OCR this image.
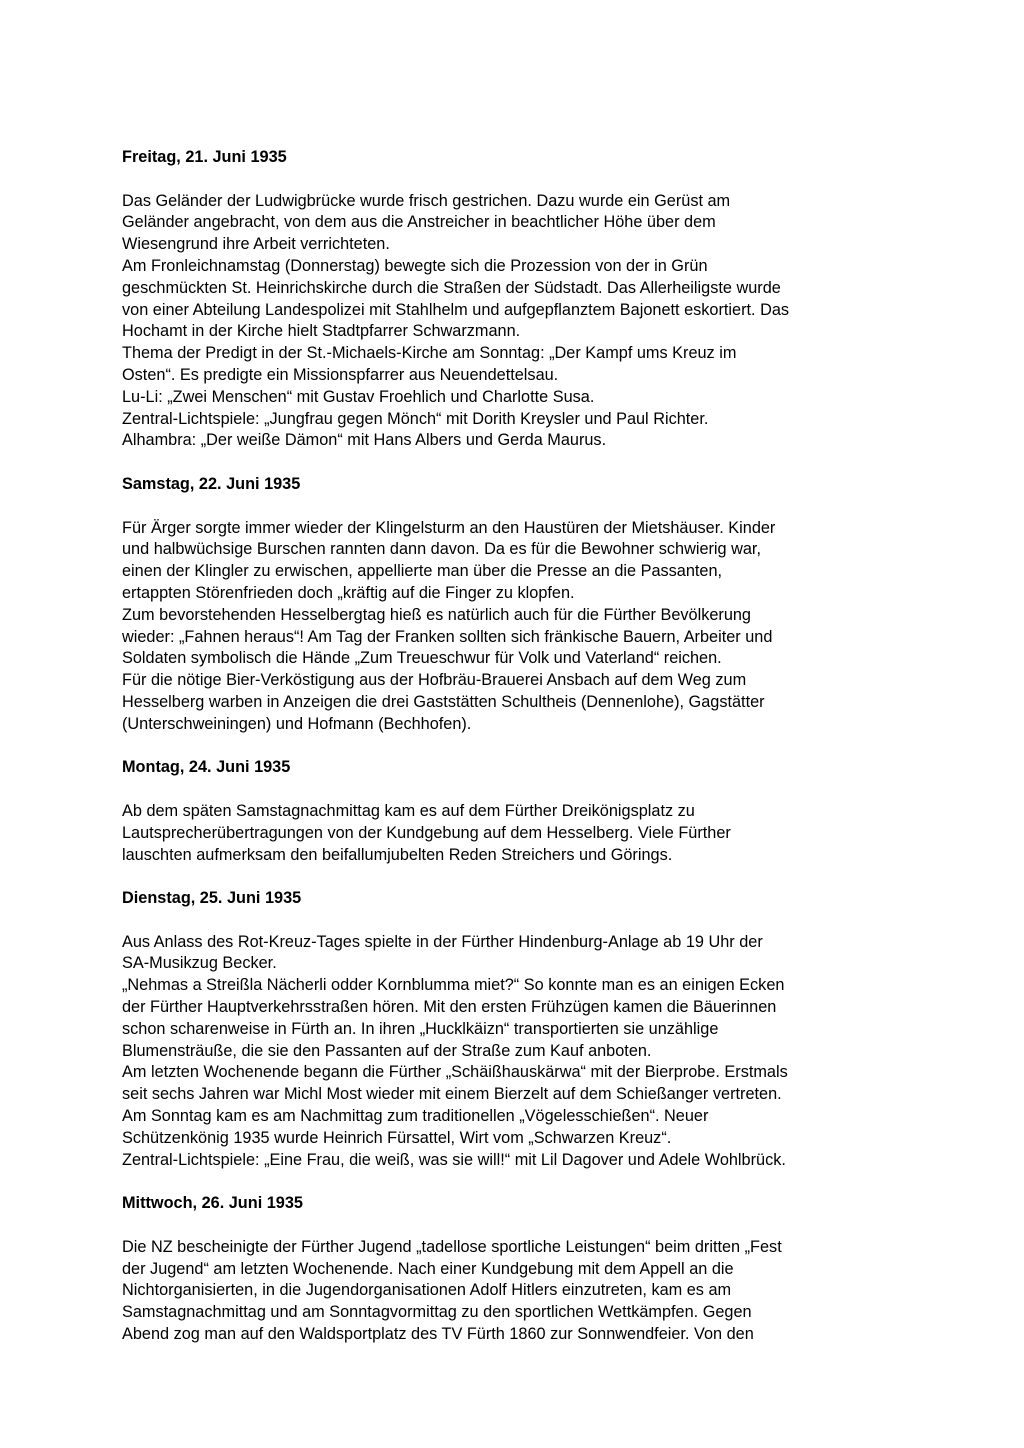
Freitag, 21. Juni 1935
Das Geländer der Ludwigbrücke wurde frisch gestrichen. Dazu wurde ein Gerüst am
Geländer angebracht, von dem aus die Anstreicher in beachtlicher Höhe über dem
Wiesengrund ihre Arbeit verrichteten.
Am Fronleichnamstag (Donnerstag) bewegte sich die Prozession von der in Grün
geschmückten St. Heinrichskirche durch die Straßen der Südstadt. Das Allerheiligste wurde
von einer Abteilung Landespolizei mit Stahlhelm und aufgepflanztem Bajonett eskortiert. Das
Hochamt in der Kirche hielt Stadtpfarrer Schwarzmann.
Thema der Predigt in der St.-Michaels-Kirche am Sonntag: „Der Kampf ums Kreuz im
Osten“. Es predigte ein Missionspfarrer aus Neuendettelsau.
Lu-Li: „Zwei Menschen“ mit Gustav Froehlich und Charlotte Susa.
Zentral-Lichtspiele: „Jungfrau gegen Mönch“ mit Dorith Kreysler und Paul Richter.
Alhambra: „Der weiße Dämon“ mit Hans Albers und Gerda Maurus.
Samstag, 22. Juni 1935
Für Ärger sorgte immer wieder der Klingelsturm an den Haustüren der Mietshäuser. Kinder
und halbwüchsige Burschen rannten dann davon. Da es für die Bewohner schwierig war,
einen der Klingler zu erwischen, appellierte man über die Presse an die Passanten,
ertappten Störenfrieden doch „kräftig auf die Finger zu klopfen.
Zum bevorstehenden Hesselbergtag hieß es natürlich auch für die Fürther Bevölkerung
wieder: „Fahnen heraus“! Am Tag der Franken sollten sich fränkische Bauern, Arbeiter und
Soldaten symbolisch die Hände „Zum Treueschwur für Volk und Vaterland“ reichen.
Für die nötige Bier-Verköstigung aus der Hofbräu-Brauerei Ansbach auf dem Weg zum
Hesselberg warben in Anzeigen die drei Gaststätten Schultheis (Dennenlohe), Gagstätter
(Unterschweiningen) und Hofmann (Bechhofen).
Montag, 24. Juni 1935
Ab dem späten Samstagnachmittag kam es auf dem Fürther Dreikönigsplatz zu
Lautsprecherübertragungen von der Kundgebung auf dem Hesselberg. Viele Fürther
lauschten aufmerksam den beifallumjubelten Reden Streichers und Görings.
Dienstag, 25. Juni 1935
Aus Anlass des Rot-Kreuz-Tages spielte in der Fürther Hindenburg-Anlage ab 19 Uhr der
SA-Musikzug Becker.
„Nehmas a Streißla Nächerli odder Kornblumma miet?“ So konnte man es an einigen Ecken
der Fürther Hauptverkehrsstraßen hören. Mit den ersten Frühzügen kamen die Bäuerinnen
schon scharenweise in Fürth an. In ihren „Hucklkäizn“ transportierten sie unzählige
Blumensträuße, die sie den Passanten auf der Straße zum Kauf anboten.
Am letzten Wochenende begann die Fürther „Schäißhauskärwa“ mit der Bierprobe. Erstmals
seit sechs Jahren war Michl Most wieder mit einem Bierzelt auf dem Schießanger vertreten.
Am Sonntag kam es am Nachmittag zum traditionellen „Vögelesschießen“. Neuer
Schützenkönig 1935 wurde Heinrich Fürsattel, Wirt vom „Schwarzen Kreuz“.
Zentral-Lichtspiele: „Eine Frau, die weiß, was sie will!“ mit Lil Dagover und Adele Wohlbrück.
Mittwoch, 26. Juni 1935
Die NZ bescheinigte der Fürther Jugend „tadellose sportliche Leistungen“ beim dritten „Fest
der Jugend“ am letzten Wochenende. Nach einer Kundgebung mit dem Appell an die
Nichtorganisierten, in die Jugendorganisationen Adolf Hitlers einzutreten, kam es am
Samstagnachmittag und am Sonntagvormittag zu den sportlichen Wettkämpfen. Gegen
Abend zog man auf den Waldsportplatz des TV Fürth 1860 zur Sonnwendfeier. Von den
